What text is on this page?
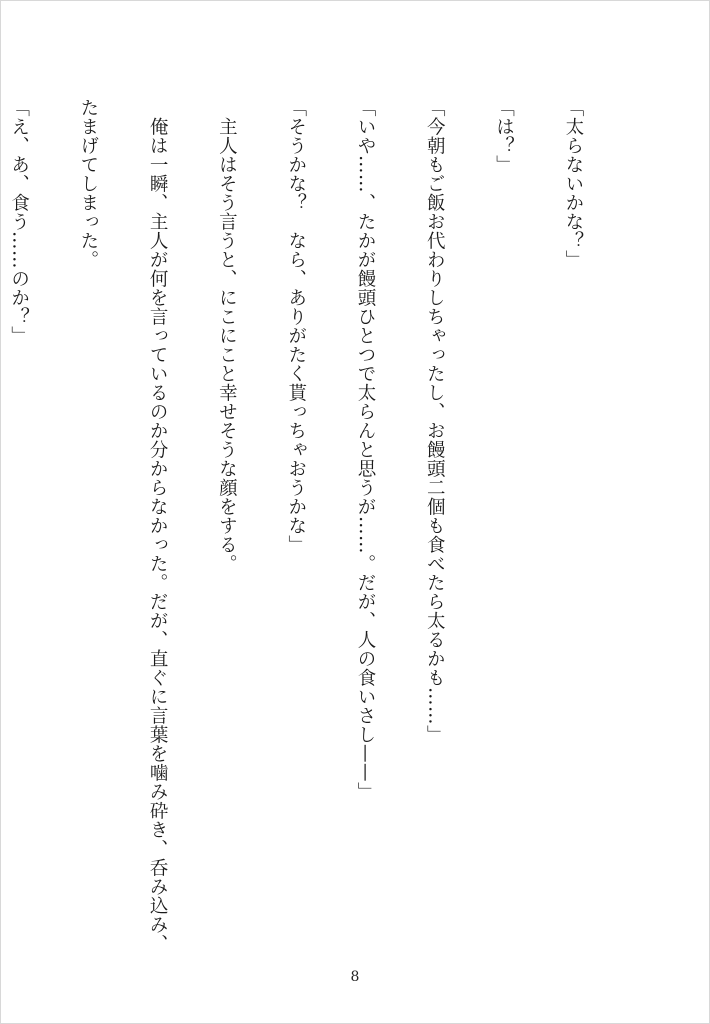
「太らないかな？」

「は？」

「今朝もご飯お代わりしちゃったし、お饅頭二個も食べたら太るかも……」

「いや……、たかが饅頭ひとつで太らんと思うが……。だが、人の食いさし——」

「そうかな？　なら、ありがたく貰っちゃおうかな」

　主人はそう言うと、にこにこと幸せそうな顔をする。

　俺は一瞬、主人が何を言っているのか分からなかった。だが、直ぐに言葉を噛み砕き、呑み込み、

たまげてしまった。

「え、あ、食う……のか？」

8
